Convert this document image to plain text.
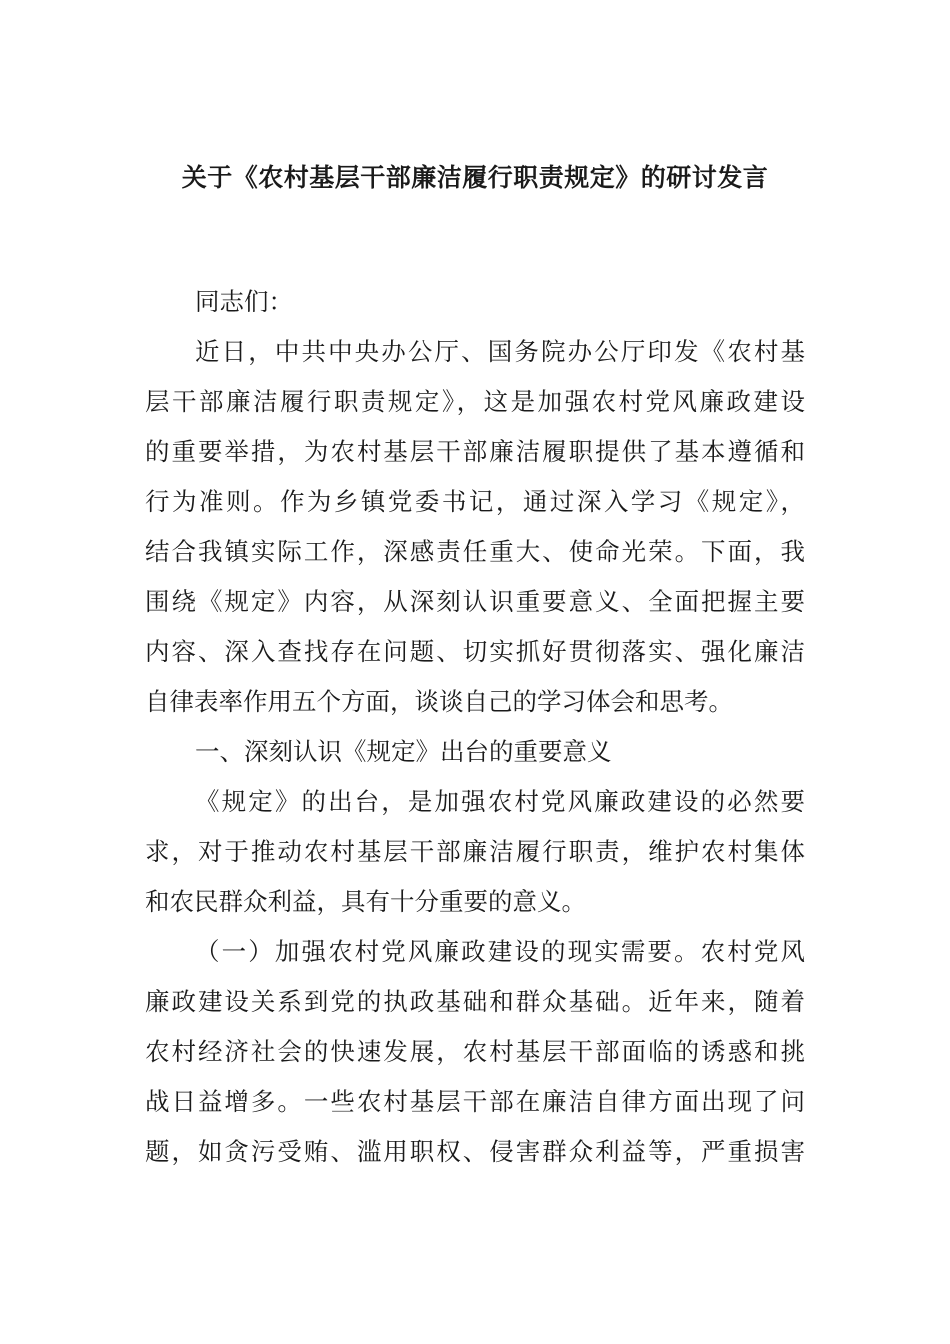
关于《农村基层干部廉洁履行职责规定》的研讨发言

同志们：

近日，中共中央办公厅、国务院办公厅印发《农村基

层干部廉洁履行职责规定》，这是加强农村党风廉政建设

的重要举措，为农村基层干部廉洁履职提供了基本遵循和

行为准则。作为乡镇党委书记，通过深入学习《规定》，

结合我镇实际工作，深感责任重大、使命光荣。下面，我

围绕《规定》内容，从深刻认识重要意义、全面把握主要

内容、深入查找存在问题、切实抓好贯彻落实、强化廉洁

自律表率作用五个方面，谈谈自己的学习体会和思考。

一、深刻认识《规定》出台的重要意义

《规定》的出台，是加强农村党风廉政建设的必然要

求，对于推动农村基层干部廉洁履行职责，维护农村集体

和农民群众利益，具有十分重要的意义。

（一）加强农村党风廉政建设的现实需要。农村党风

廉政建设关系到党的执政基础和群众基础。近年来，随着

农村经济社会的快速发展，农村基层干部面临的诱惑和挑

战日益增多。一些农村基层干部在廉洁自律方面出现了问

题，如贪污受贿、滥用职权、侵害群众利益等，严重损害
